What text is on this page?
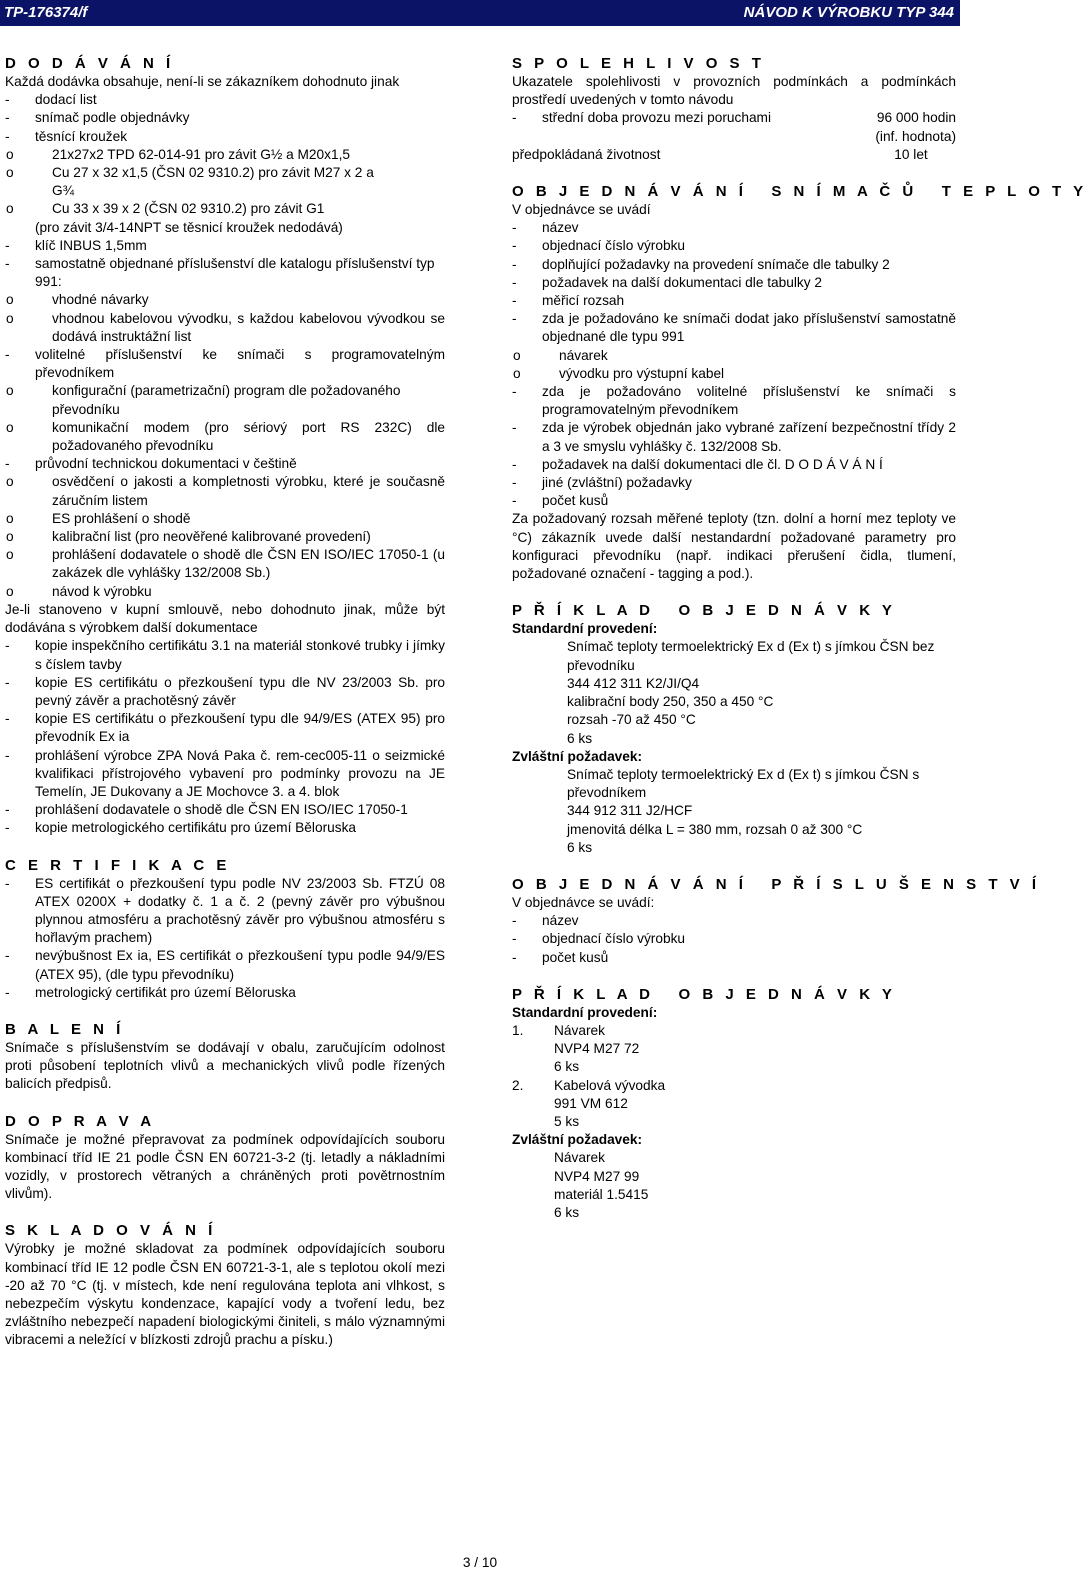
TP-176374/f	NÁVOD K VÝROBKU TYP 344

D O D Á V Á N Í

Každá dodávka obsahuje, není-li se zákazníkem dohodnuto jinak

- dodací list

- snímač podle objednávky

- těsnící kroužek

o 21x27x2 TPD 62-014-91 pro závit G½ a M20x1,5

o Cu 27 x 32 x1,5 (ČSN 02 9310.2) pro závit M27 x 2 a G¾

o Cu 33 x 39 x 2 (ČSN 02 9310.2) pro závit G1

(pro závit 3/4-14NPT se těsnicí kroužek nedodává)

- klíč INBUS 1,5mm

- samostatně objednané příslušenství dle katalogu příslušenství typ 991:

o vhodné návarky

o vhodnou kabelovou vývodku, s každou kabelovou vývodkou se dodává instruktážní list

- volitelné příslušenství ke snímači s programovatelným převodníkem

o konfigurační (parametrizační) program dle požadovaného převodníku

o komunikační modem (pro sériový port RS 232C) dle požadovaného převodníku

- průvodní technickou dokumentaci v češtině

o osvědčení o jakosti a kompletnosti výrobku, které je současně záručním listem

o ES prohlášení o shodě

o kalibrační list (pro neověřené kalibrované provedení)

o prohlášení dodavatele o shodě dle ČSN EN ISO/IEC 17050-1 (u zakázek dle vyhlášky 132/2008 Sb.)

o návod k výrobku

Je-li stanoveno v kupní smlouvě, nebo dohodnuto jinak, může být dodávána s výrobkem další dokumentace

- kopie inspekčního certifikátu 3.1 na materiál stonkové trubky i jímky s číslem tavby

- kopie ES certifikátu o přezkoušení typu dle NV 23/2003 Sb. pro pevný závěr a prachotěsný závěr

- kopie ES certifikátu o přezkoušení typu dle 94/9/ES (ATEX 95) pro převodník Ex ia

- prohlášení výrobce ZPA Nová Paka č. rem-cec005-11 o seizmické kvalifikaci přístrojového vybavení pro podmínky provozu na JE Temelín, JE Dukovany a JE Mochovce 3. a 4. blok

- prohlášení dodavatele o shodě dle ČSN EN ISO/IEC 17050-1

- kopie metrologického certifikátu pro území Běloruska

C E R T I F I K A C E

- ES certifikát o přezkoušení typu podle NV 23/2003 Sb. FTZÚ 08 ATEX 0200X + dodatky č. 1 a č. 2 (pevný závěr pro výbušnou plynnou atmosféru a prachotěsný závěr pro výbušnou atmosféru s hořlavým prachem)

- nevýbušnost Ex ia, ES certifikát o přezkoušení typu podle 94/9/ES (ATEX 95), (dle typu převodníku)

- metrologický certifikát pro území Běloruska

B A L E N Í

Snímače s příslušenstvím se dodávají v obalu, zaručujícím odolnost proti působení teplotních vlivů a mechanických vlivů podle řízených balicích předpisů.

D O P R A V A

Snímače je možné přepravovat za podmínek odpovídajících souboru kombinací tříd IE 21 podle ČSN EN 60721-3-2 (tj. letadly a nákladními vozidly, v prostorech větraných a chráněných proti povětrnostním vlivům).

S K L A D O V Á N Í

Výrobky je možné skladovat za podmínek odpovídajících souboru kombinací tříd IE 12 podle ČSN EN 60721-3-1, ale s teplotou okolí mezi -20 až 70 °C (tj. v místech, kde není regulována teplota ani vlhkost, s nebezpečím výskytu kondenzace, kapající vody a tvoření ledu, bez zvláštního nebezpečí napadení biologickými činiteli, s málo významnými vibracemi a neležící v blízkosti zdrojů prachu a písku.)

S P O L E H L I V O S T

Ukazatele spolehlivosti v provozních podmínkách a podmínkách prostředí uvedených v tomto návodu

- střední doba provozu mezi poruchami	96 000 hodin

(inf. hodnota)

předpokládaná životnost	10 let

O B J E D N Á V Á N Í   S N Í M A Č Ů   T E P L O T Y

V objednávce se uvádí

- název

- objednací číslo výrobku

- doplňující požadavky na provedení snímače dle tabulky 2

- požadavek na další dokumentaci dle tabulky 2

- měřicí rozsah

- zda je požadováno ke snímači dodat jako příslušenství samostatně objednané dle typu 991

o návarek

o vývodku pro výstupní kabel

- zda je požadováno volitelné příslušenství ke snímači s programovatelným převodníkem

- zda je výrobek objednán jako vybrané zařízení bezpečnostní třídy 2 a 3 ve smyslu vyhlášky č. 132/2008 Sb.

- požadavek na další dokumentaci dle čl. D O D Á V Á N Í

- jiné (zvláštní) požadavky

- počet kusů

Za požadovaný rozsah měřené teploty (tzn. dolní a horní mez teploty ve °C) zákazník uvede další nestandardní požadované parametry pro konfiguraci převodníku (např. indikaci přerušení čidla, tlumení, požadované označení - tagging a pod.).

P Ř Í K L A D   O B J E D N Á V K Y

Standardní provedení:

Snímač teploty termoelektrický Ex d (Ex t) s jímkou ČSN bez převodníku

344 412 311 K2/JI/Q4

kalibrační body 250, 350 a 450 °C

rozsah -70 až 450 °C

6 ks

Zvláštní požadavek:

Snímač teploty termoelektrický Ex d (Ex t) s jímkou ČSN s převodníkem

344 912 311 J2/HCF

jmenovitá délka L = 380 mm, rozsah 0 až 300 °C

6 ks

O B J E D N Á V Á N Í   P Ř Í S L U Š E N S T V Í

V objednávce se uvádí:

- název

- objednací číslo výrobku

- počet kusů

P Ř Í K L A D   O B J E D N Á V K Y

Standardní provedení:

1. Návarek

NVP4 M27 72

6 ks

2. Kabelová vývodka

991 VM 612

5 ks

Zvláštní požadavek:

Návarek

NVP4 M27 99

materiál 1.5415

6 ks

3 / 10
